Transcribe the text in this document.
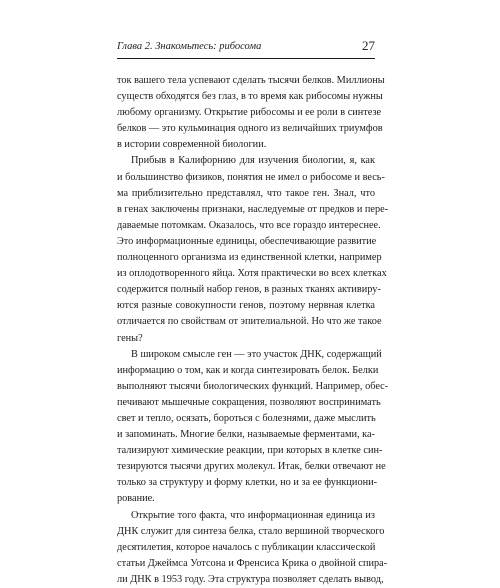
Глава 2. Знакомьтесь: рибосома	27
ток вашего тела успевают сделать тысячи белков. Миллионы
существ обходятся без глаз, в то время как рибосомы нужны
любому организму. Открытие рибосомы и ее роли в синтезе
белков — это кульминация одного из величайших триумфов
в истории современной биологии.
Прибыв в Калифорнию для изучения биологии, я, как
и большинство физиков, понятия не имел о рибосоме и весь-
ма приблизительно представлял, что такое ген. Знал, что
в генах заключены признаки, наследуемые от предков и пере-
даваемые потомкам. Оказалось, что все гораздо интереснее.
Это информационные единицы, обеспечивающие развитие
полноценного организма из единственной клетки, например
из оплодотворенного яйца. Хотя практически во всех клетках
содержится полный набор генов, в разных тканях активиру-
ются разные совокупности генов, поэтому нервная клетка
отличается по свойствам от эпителиальной. Но что же такое
гены?
В широком смысле ген — это участок ДНК, содержащий
информацию о том, как и когда синтезировать белок. Белки
выполняют тысячи биологических функций. Например, обес-
печивают мышечные сокращения, позволяют воспринимать
свет и тепло, осязать, бороться с болезнями, даже мыслить
и запоминать. Многие белки, называемые ферментами, ка-
тализируют химические реакции, при которых в клетке син-
тезируются тысячи других молекул. Итак, белки отвечают не
только за структуру и форму клетки, но и за ее функциони-
рование.
Открытие того факта, что информационная единица из
ДНК служит для синтеза белка, стало вершиной творческого
десятилетия, которое началось с публикации классической
статьи Джеймса Уотсона и Френсиса Крика о двойной спира-
ли ДНК в 1953 году. Эта структура позволяет сделать вывод,
